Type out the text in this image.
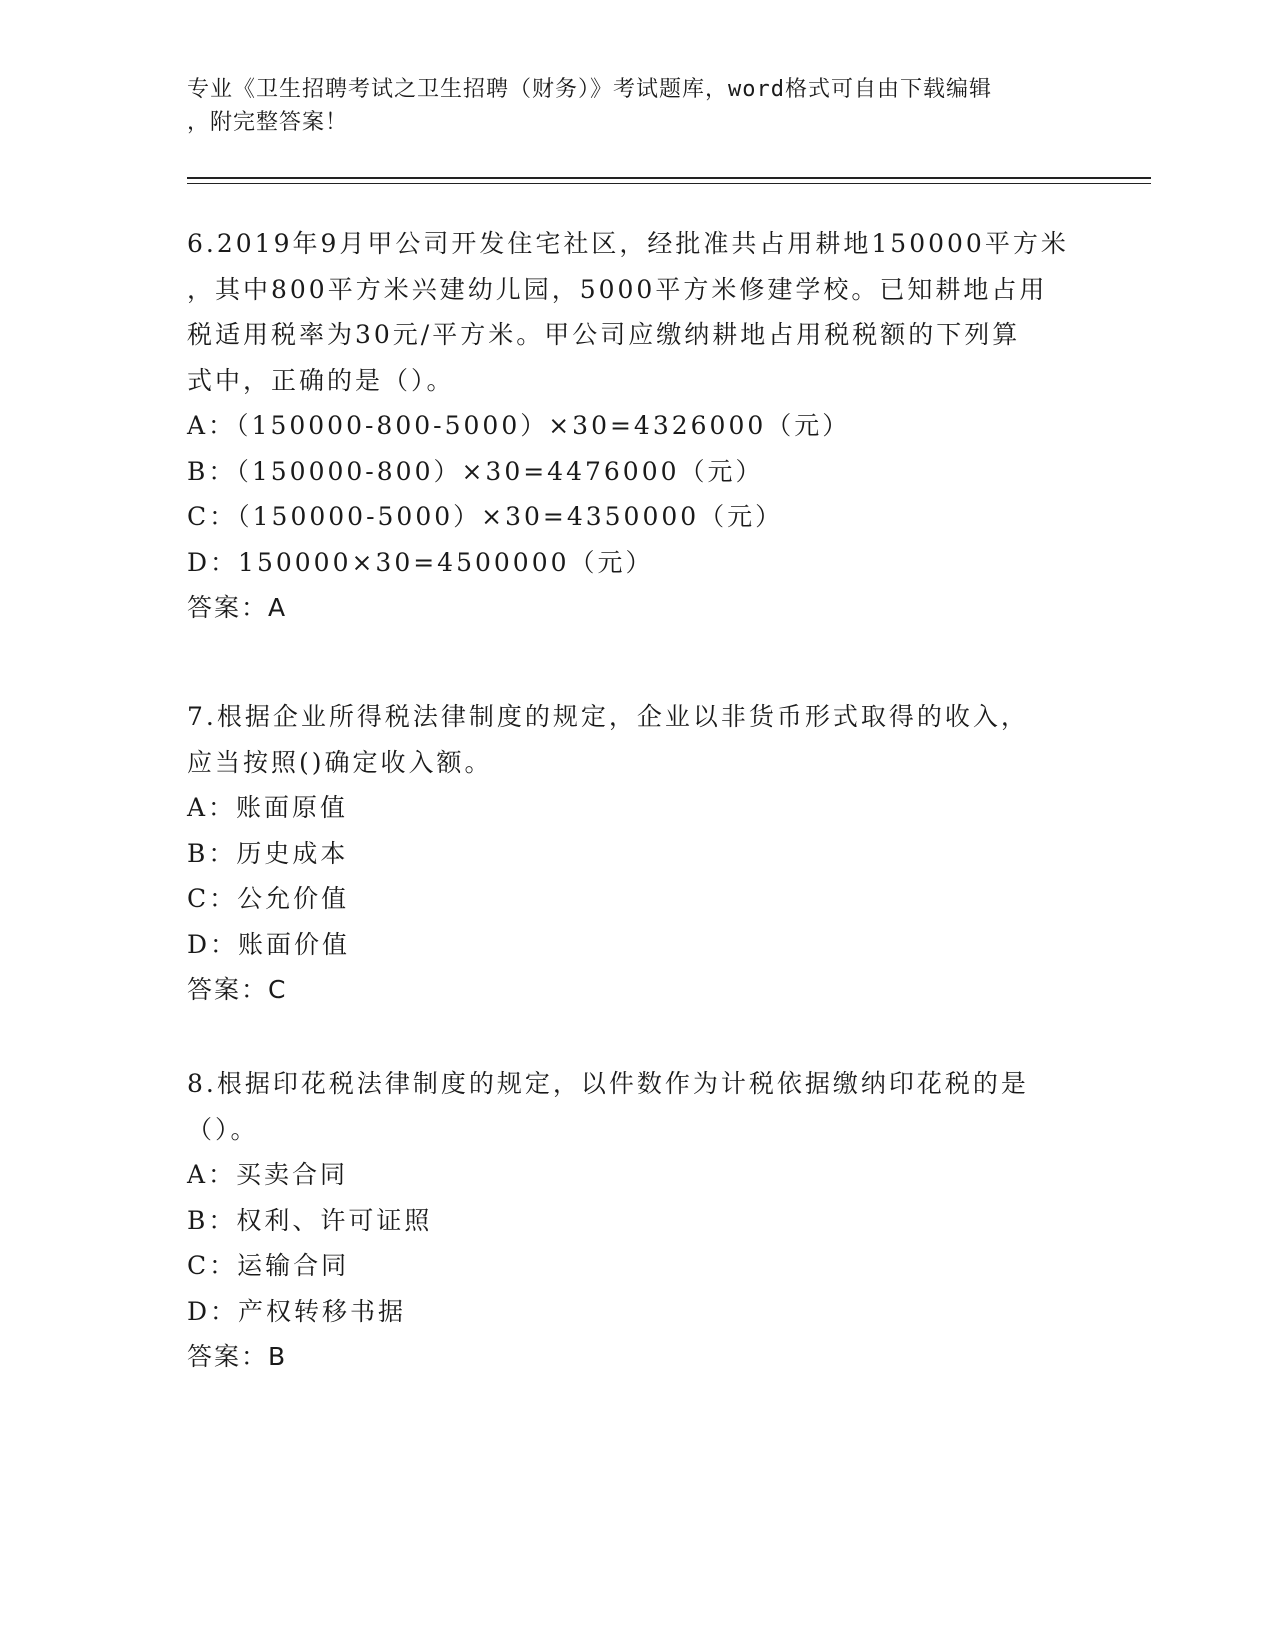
专业《卫生招聘考试之卫生招聘（财务）》考试题库，word格式可自由下载编辑
，附完整答案！
6.2019年9月甲公司开发住宅社区，经批准共占用耕地150000平方米
，其中800平方米兴建幼儿园，5000平方米修建学校。已知耕地占用
税适用税率为30元/平方米。甲公司应缴纳耕地占用税税额的下列算
式中，正确的是（）。
A：（150000-800-5000）×30=4326000（元）
B：（150000-800）×30=4476000（元）
C：（150000-5000）×30=4350000（元）
D：150000×30=4500000（元）
答案：A
7.根据企业所得税法律制度的规定，企业以非货币形式取得的收入，
应当按照()确定收入额。
A：账面原值
B：历史成本
C：公允价值
D：账面价值
答案：C
8.根据印花税法律制度的规定，以件数作为计税依据缴纳印花税的是
（）。
A：买卖合同
B：权利、许可证照
C：运输合同
D：产权转移书据
答案：B
